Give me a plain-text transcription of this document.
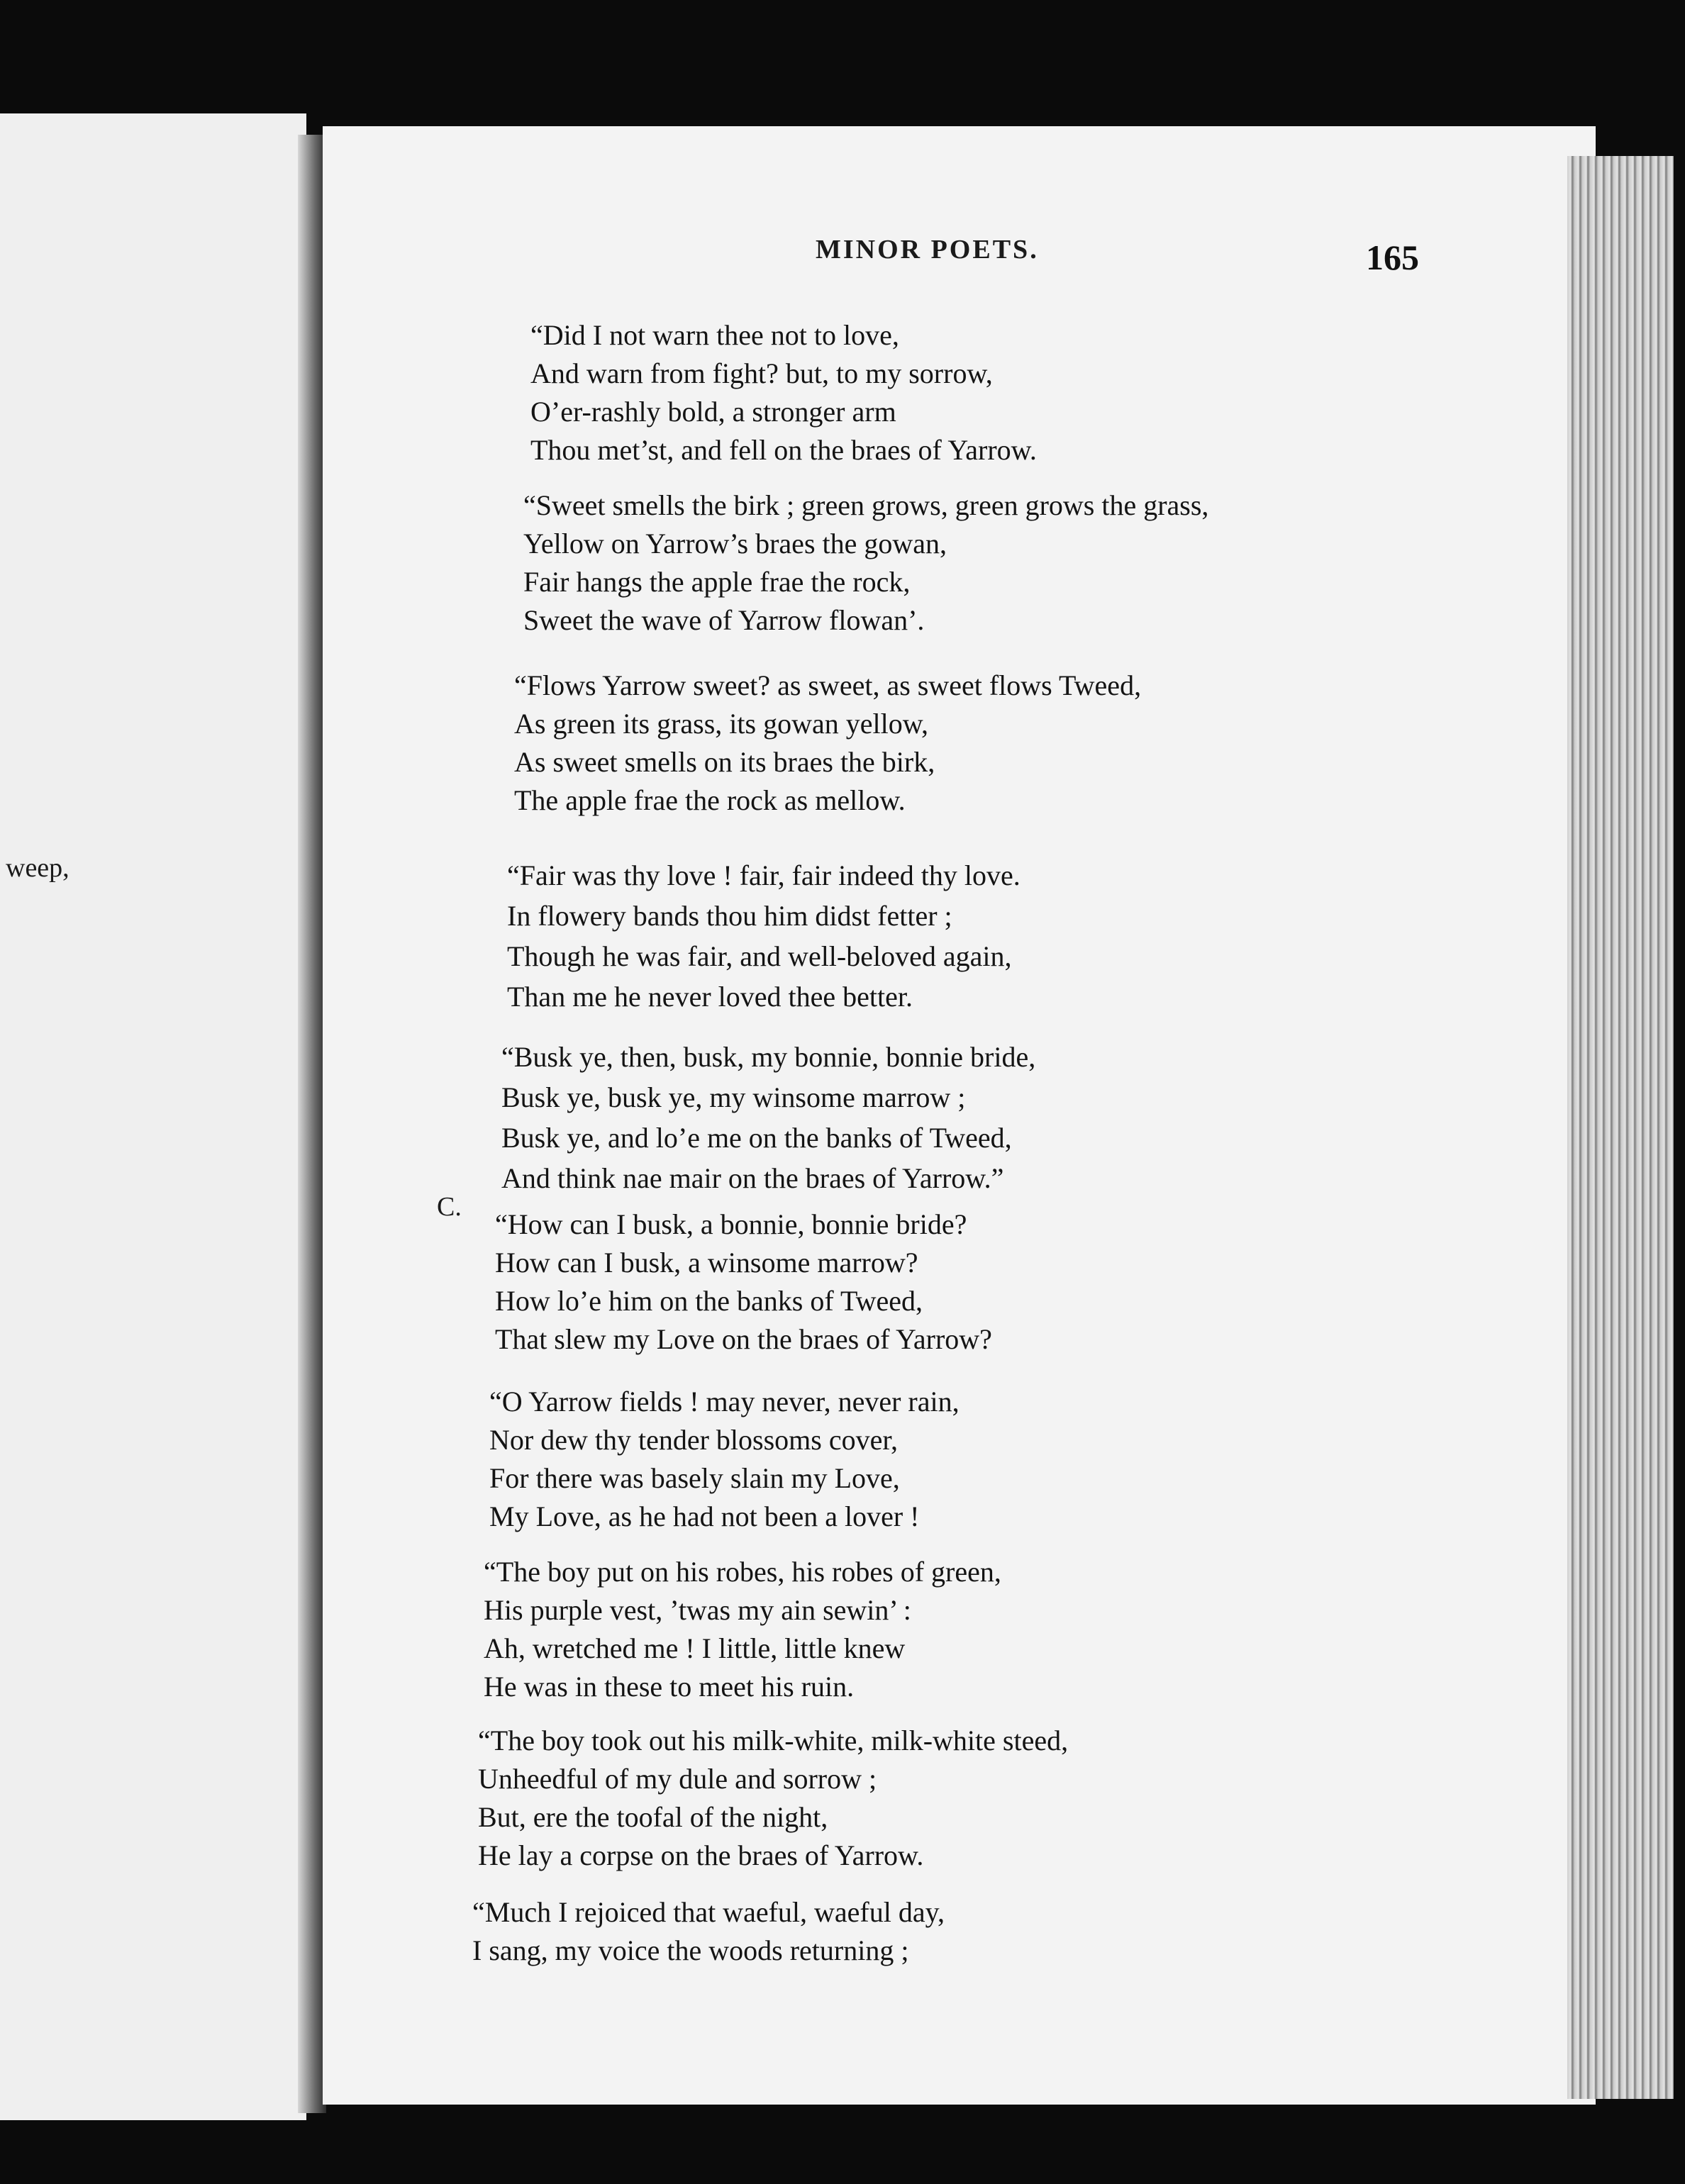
weep,
MINOR POETS.	165
C.
“Did I not warn thee not to love,
And warn from fight? but, to my sorrow,
O’er-rashly bold, a stronger arm
Thou met’st, and fell on the braes of Yarrow.
“Sweet smells the birk ; green grows, green grows the grass,
Yellow on Yarrow’s braes the gowan,
Fair hangs the apple frae the rock,
Sweet the wave of Yarrow flowan’.
“Flows Yarrow sweet? as sweet, as sweet flows Tweed,
As green its grass, its gowan yellow,
As sweet smells on its braes the birk,
The apple frae the rock as mellow.
“Fair was thy love ! fair, fair indeed thy love.
In flowery bands thou him didst fetter ;
Though he was fair, and well-beloved again,
Than me he never loved thee better.
“Busk ye, then, busk, my bonnie, bonnie bride,
Busk ye, busk ye, my winsome marrow ;
Busk ye, and lo’e me on the banks of Tweed,
And think nae mair on the braes of Yarrow.”
“How can I busk, a bonnie, bonnie bride?
How can I busk, a winsome marrow?
How lo’e him on the banks of Tweed,
That slew my Love on the braes of Yarrow?
“O Yarrow fields ! may never, never rain,
Nor dew thy tender blossoms cover,
For there was basely slain my Love,
My Love, as he had not been a lover !
“The boy put on his robes, his robes of green,
His purple vest, ’twas my ain sewin’ :
Ah, wretched me ! I little, little knew
He was in these to meet his ruin.
“The boy took out his milk-white, milk-white steed,
Unheedful of my dule and sorrow ;
But, ere the toofal of the night,
He lay a corpse on the braes of Yarrow.
“Much I rejoiced that waeful, waeful day,
I sang, my voice the woods returning ;
